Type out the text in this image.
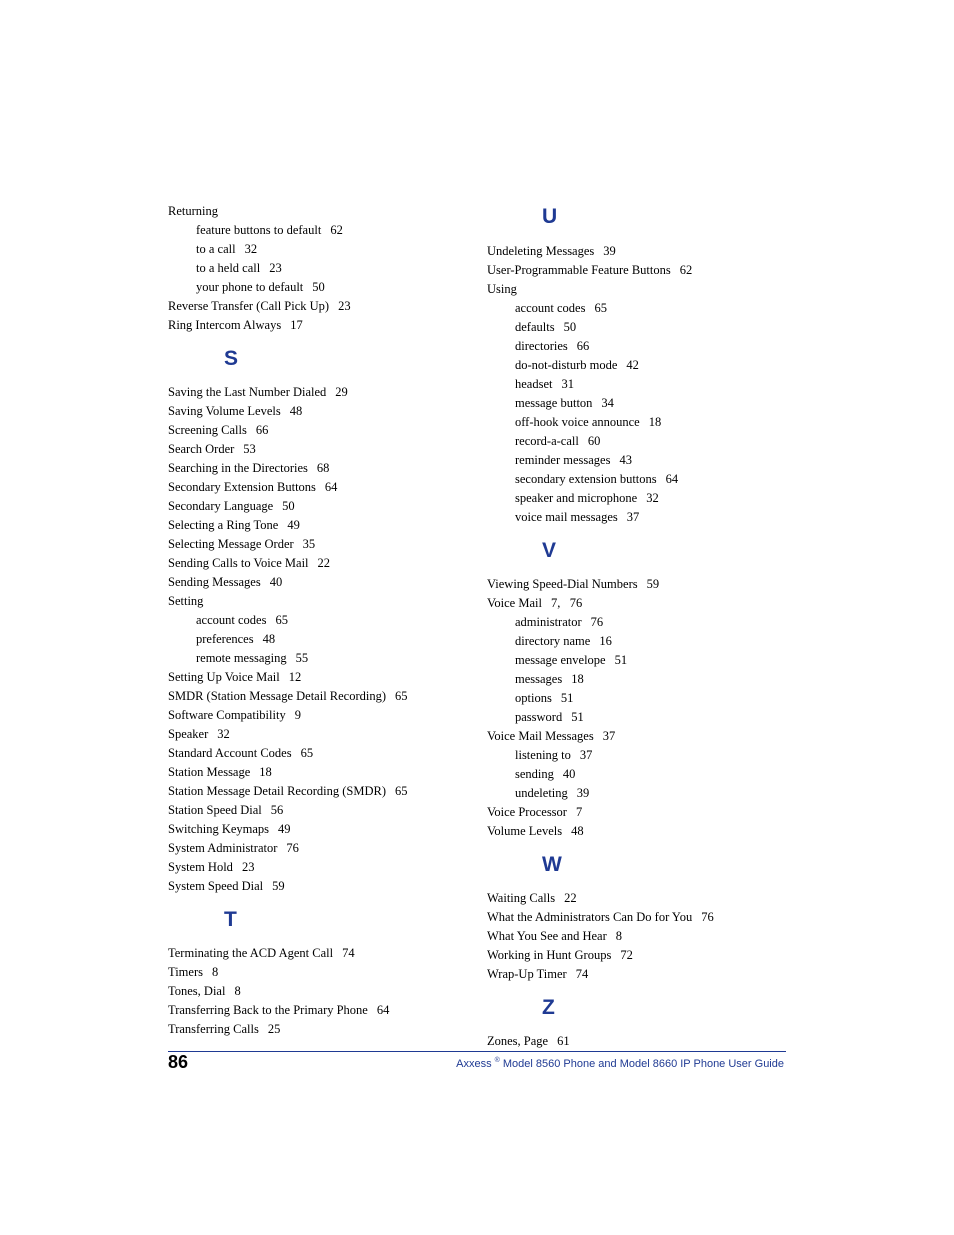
Returning
feature buttons to default 62
to a call 32
to a held call 23
your phone to default 50
Reverse Transfer (Call Pick Up) 23
Ring Intercom Always 17
S
Saving the Last Number Dialed 29
Saving Volume Levels 48
Screening Calls 66
Search Order 53
Searching in the Directories 68
Secondary Extension Buttons 64
Secondary Language 50
Selecting a Ring Tone 49
Selecting Message Order 35
Sending Calls to Voice Mail 22
Sending Messages 40
Setting
account codes 65
preferences 48
remote messaging 55
Setting Up Voice Mail 12
SMDR (Station Message Detail Recording) 65
Software Compatibility 9
Speaker 32
Standard Account Codes 65
Station Message 18
Station Message Detail Recording (SMDR) 65
Station Speed Dial 56
Switching Keymaps 49
System Administrator 76
System Hold 23
System Speed Dial 59
T
Terminating the ACD Agent Call 74
Timers 8
Tones, Dial 8
Transferring Back to the Primary Phone 64
Transferring Calls 25
U
Undeleting Messages 39
User-Programmable Feature Buttons 62
Using
account codes 65
defaults 50
directories 66
do-not-disturb mode 42
headset 31
message button 34
off-hook voice announce 18
record-a-call 60
reminder messages 43
secondary extension buttons 64
speaker and microphone 32
voice mail messages 37
V
Viewing Speed-Dial Numbers 59
Voice Mail 7,   76
administrator 76
directory name 16
message envelope 51
messages 18
options 51
password 51
Voice Mail Messages 37
listening to 37
sending 40
undeleting 39
Voice Processor 7
Volume Levels 48
W
Waiting Calls 22
What the Administrators Can Do for You 76
What You See and Hear 8
Working in Hunt Groups 72
Wrap-Up Timer 74
Z
Zones, Page 61
86	Axxess ® Model 8560 Phone and Model 8660 IP Phone User Guide
